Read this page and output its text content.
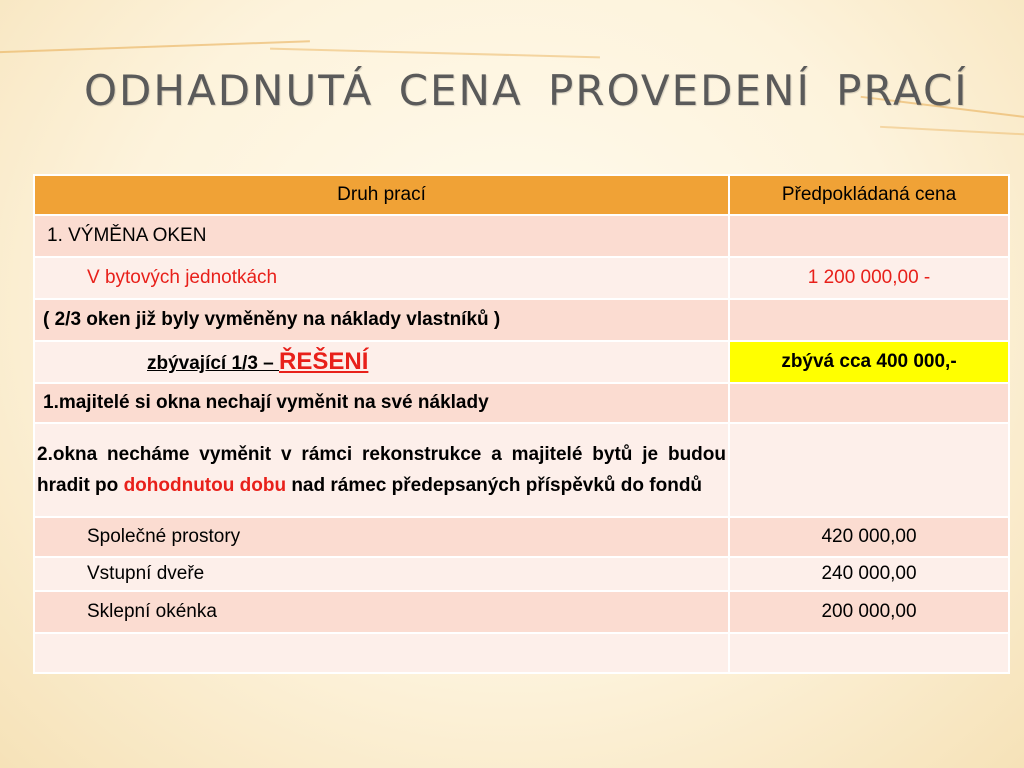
ODHADNUTÁ CENA PROVEDENÍ PRACÍ
Druh prací	Předpokládaná cena
1. VÝMĚNA OKEN	
V bytových jednotkách	1 200 000,00 -
( 2/3 oken již byly vyměněny na náklady vlastníků )	
zbývající 1/3 – ŘEŠENÍ	zbývá cca 400 000,-
1.majitelé si okna nechají vyměnit na své náklady	
2.okna necháme vyměnit v rámci rekonstrukce a majitelé bytů je budou hradit po dohodnutou dobu nad rámec předepsaných příspěvků do fondů	
Společné prostory	420 000,00
Vstupní dveře	240 000,00
Sklepní okénka	200 000,00
